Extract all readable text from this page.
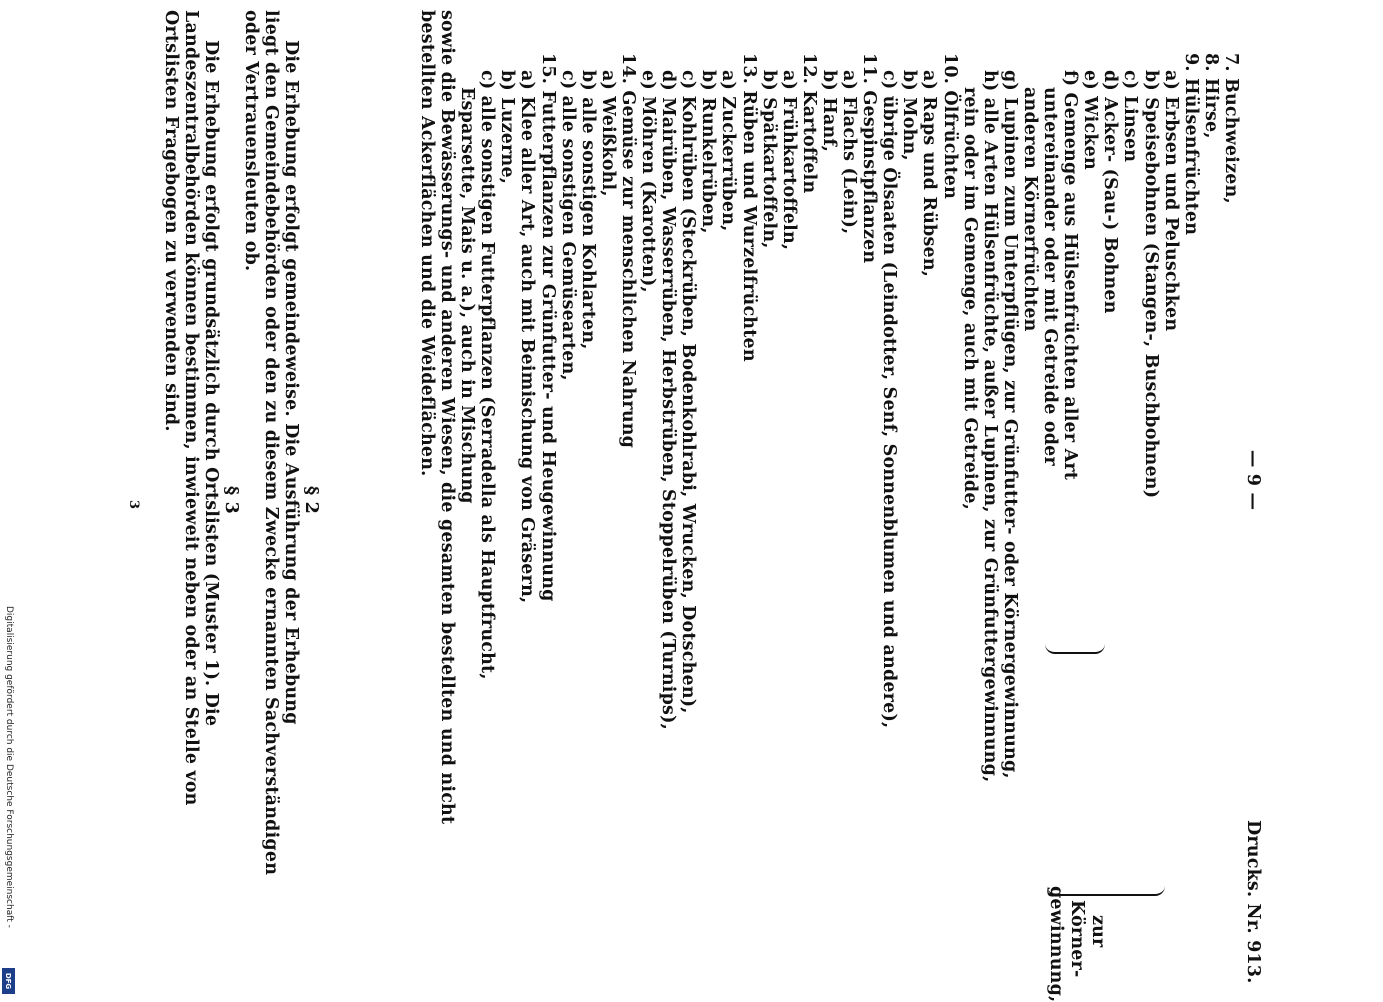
— 9 —
Drucks. Nr. 913.
7. Buchweizen,
8. Hirse,
9. Hülsenfrüchten
a) Erbsen und Peluschken
b) Speisebohnen (Stangen-, Buschbohnen)
c) Linsen
d) Acker- (Sau-) Bohnen
e) Wicken
f) Gemenge aus Hülsenfrüchten aller Art
untereinander oder mit Getreide oder
anderen Körnerfrüchten
g) Lupinen zum Unterpflügen, zur Grünfutter- oder Körnergewinnung,
h) alle Arten Hülsenfrüchte, außer Lupinen, zur Grünfuttergewinnung,
rein oder im Gemenge, auch mit Getreide,
10. Ölfrüchten
a) Raps und Rübsen,
b) Mohn,
c) übrige Ölsaaten (Leindotter, Senf, Sonnenblumen und andere),
11. Gespinstpflanzen
a) Flachs (Lein),
b) Hanf,
12. Kartoffeln
a) Frühkartoffeln,
b) Spätkartoffeln,
13. Rüben und Wurzelfrüchten
a) Zuckerrüben,
b) Runkelrüben,
c) Kohlrüben (Steckrüben, Bodenkohlrabi, Wrucken, Dotschen),
d) Mairüben, Wasserrüben, Herbstrüben, Stoppelrüben (Turnips),
e) Möhren (Karotten),
14. Gemüse zur menschlichen Nahrung
a) Weißkohl,
b) alle sonstigen Kohlarten,
c) alle sonstigen Gemüsearten,
15. Futterpflanzen zur Grünfutter- und Heugewinnung
a) Klee aller Art, auch mit Beimischung von Gräsern,
b) Luzerne,
c) alle sonstigen Futterpflanzen (Serradella als Hauptfrucht,
Esparsette, Mais u. a.), auch in Mischung
sowie die Bewässerungs- und anderen Wiesen, die gesamten bestellten und nicht
bestellten Ackerflächen und die Weideflächen.
zur
Körner-
gewinnung,
§ 2
Die Erhebung erfolgt gemeindeweise. Die Ausführung der Erhebung
liegt den Gemeindebehörden oder den zu diesem Zwecke ernannten Sachverständigen
oder Vertrauensleuten ob.
§ 3
Die Erhebung erfolgt grundsätzlich durch Ortslisten (Muster 1). Die
Landeszentralbehörden können bestimmen, inwieweit neben oder an Stelle von
Ortslisten Fragebogen zu verwenden sind.
3
Digitalisierung gefördert durch die Deutsche Forschungsgemeinschaft -
DFG
